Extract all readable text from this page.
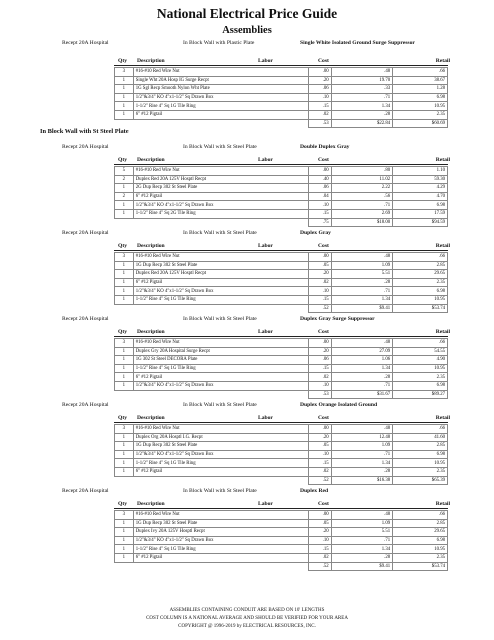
National Electrical Price Guide
Assemblies
In Block Wall with St Steel Plate
Recept 20A Hospital	In Block Wall with Plastic Plate	Single White Isolated Ground Surge Suppressor
Qty	Description	Labor	Cost	Retail
3	#16-#10 Red Wire Nut	.00	.48	.66
1	Single Wht 20A Hosp IG Surge Recpt	.20	19.70	38.67
1	1G Sgl Recp Smooth Nylon Wht Plate	.06	.33	1.28
1	1/2"&3/4" KO 4"x1-1/2" Sq Drawn Box	.10	.71	6.98
1	1-1/2" Rise 4" Sq 1G Tile Ring	.15	1.34	10.95
1	6" #12 Pigtail	.02	.28	2.35
		.53	$22.84	$60.69
Recept 20A Hospital	In Block Wall with St Steel Plate	Double Duplex Gray
Qty	Description	Labor	Cost	Retail
5	#16-#10 Red Wire Nut	.00	.80	1.10
2	Duplex Red 20A 125V Hosptl Recpt	.40	11.02	59.30
1	2G Dup Recp 302 St Steel Plate	.06	2.22	4.29
2	6" #12 Pigtail	.04	.56	4.70
1	1/2"&3/4" KO 4"x1-1/2" Sq Drawn Box	.10	.71	6.98
1	1-1/2" Rise 4" Sq 2G Tile Ring	.15	2.69	17.59
		.75	$18.00	$94.59
Recept 20A Hospital	In Block Wall with St Steel Plate	Duplex Gray
Qty	Description	Labor	Cost	Retail
3	#16-#10 Red Wire Nut	.00	.48	.66
1	1G Dup Recp 302 St Steel Plate	.05	1.09	2.85
1	Duplex Red 20A 125V Hosptl Recpt	.20	5.51	29.65
1	6" #12 Pigtail	.02	.28	2.35
1	1/2"&3/4" KO 4"x1-1/2" Sq Drawn Box	.10	.71	6.98
1	1-1/2" Rise 4" Sq 1G Tile Ring	.15	1.34	10.95
		.52	$9.41	$53.74
Recept 20A Hospital	In Block Wall with St Steel Plate	Duplex Gray Surge Suppressor
Qty	Description	Labor	Cost	Retail
3	#16-#10 Red Wire Nut	.00	.48	.66
1	Duplex Gry 20A Hospital Surge Recpt	.20	27.09	54.55
1	1G 302 St Steel DECORA Plate	.06	1.06	4.90
1	1-1/2" Rise 4" Sq 1G Tile Ring	.15	1.34	10.95
1	6" #12 Pigtail	.02	.28	2.35
1	1/2"&3/4" KO 4"x1-1/2" Sq Drawn Box	.10	.71	6.98
		.53	$31.67	$89.27
Recept 20A Hospital	In Block Wall with St Steel Plate	Duplex Orange Isolated Ground
Qty	Description	Labor	Cost	Retail
3	#16-#10 Red Wire Nut	.00	.48	.66
1	Duplex Org 20A Hosptl I.G. Recpt	.20	12.48	41.60
1	1G Dup Recp 302 St Steel Plate	.05	1.09	2.85
1	1/2"&3/4" KO 4"x1-1/2" Sq Drawn Box	.10	.71	6.98
1	1-1/2" Rise 4" Sq 1G Tile Ring	.15	1.34	10.95
1	6" #12 Pigtail	.02	.28	2.35
		.52	$16.38	$65.39
Recept 20A Hospital	In Block Wall with St Steel Plate	Duplex Red
Qty	Description	Labor	Cost	Retail
3	#16-#10 Red Wire Nut	.00	.48	.66
1	1G Dup Recp 302 St Steel Plate	.05	1.09	2.85
1	Duplex Ivy 20A 125V Hosptl Recpt	.20	5.51	29.65
1	1/2"&3/4" KO 4"x1-1/2" Sq Drawn Box	.10	.71	6.98
1	1-1/2" Rise 4" Sq 1G Tile Ring	.15	1.34	10.95
1	6" #12 Pigtail	.02	.28	2.35
		.52	$9.41	$53.74
ASSEMBLIES CONTAINING CONDUIT ARE BASED ON 10' LENGTHS
COST COLUMN IS A NATIONAL AVERAGE AND SHOULD BE VERIFIED FOR YOUR AREA
COPYRIGHT @ 1996-2019 by ELECTRICAL RESOURCES, INC.
